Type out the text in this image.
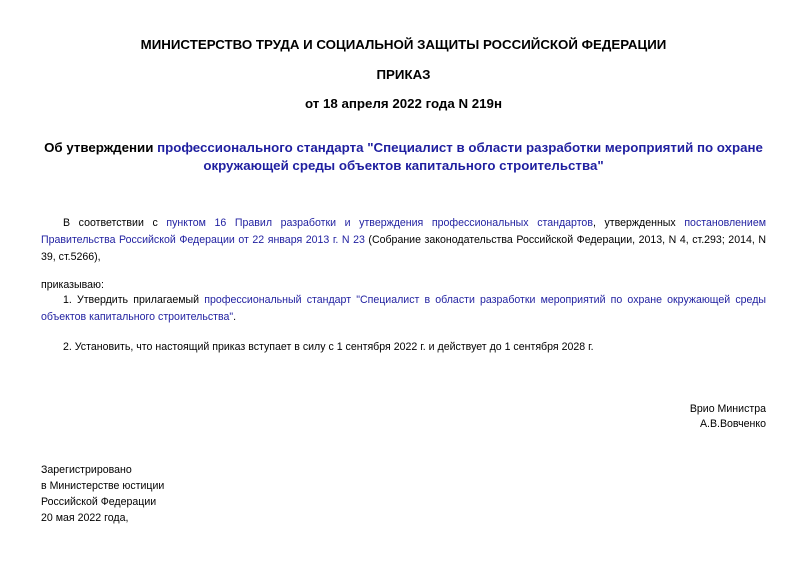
МИНИСТЕРСТВО ТРУДА И СОЦИАЛЬНОЙ ЗАЩИТЫ РОССИЙСКОЙ ФЕДЕРАЦИИ
ПРИКАЗ
от 18 апреля 2022 года N 219н
Об утверждении профессионального стандарта "Специалист в области разработки мероприятий по охране окружающей среды объектов капитального строительства"
В соответствии с пунктом 16 Правил разработки и утверждения профессиональных стандартов, утвержденных постановлением Правительства Российской Федерации от 22 января 2013 г. N 23 (Собрание законодательства Российской Федерации, 2013, N 4, ст.293; 2014, N 39, ст.5266),
приказываю:
1. Утвердить прилагаемый профессиональный стандарт "Специалист в области разработки мероприятий по охране окружающей среды объектов капитального строительства".
2. Установить, что настоящий приказ вступает в силу с 1 сентября 2022 г. и действует до 1 сентября 2028 г.
Врио Министра
А.В.Вовченко
Зарегистрировано
в Министерстве юстиции
Российской Федерации
20 мая 2022 года,
